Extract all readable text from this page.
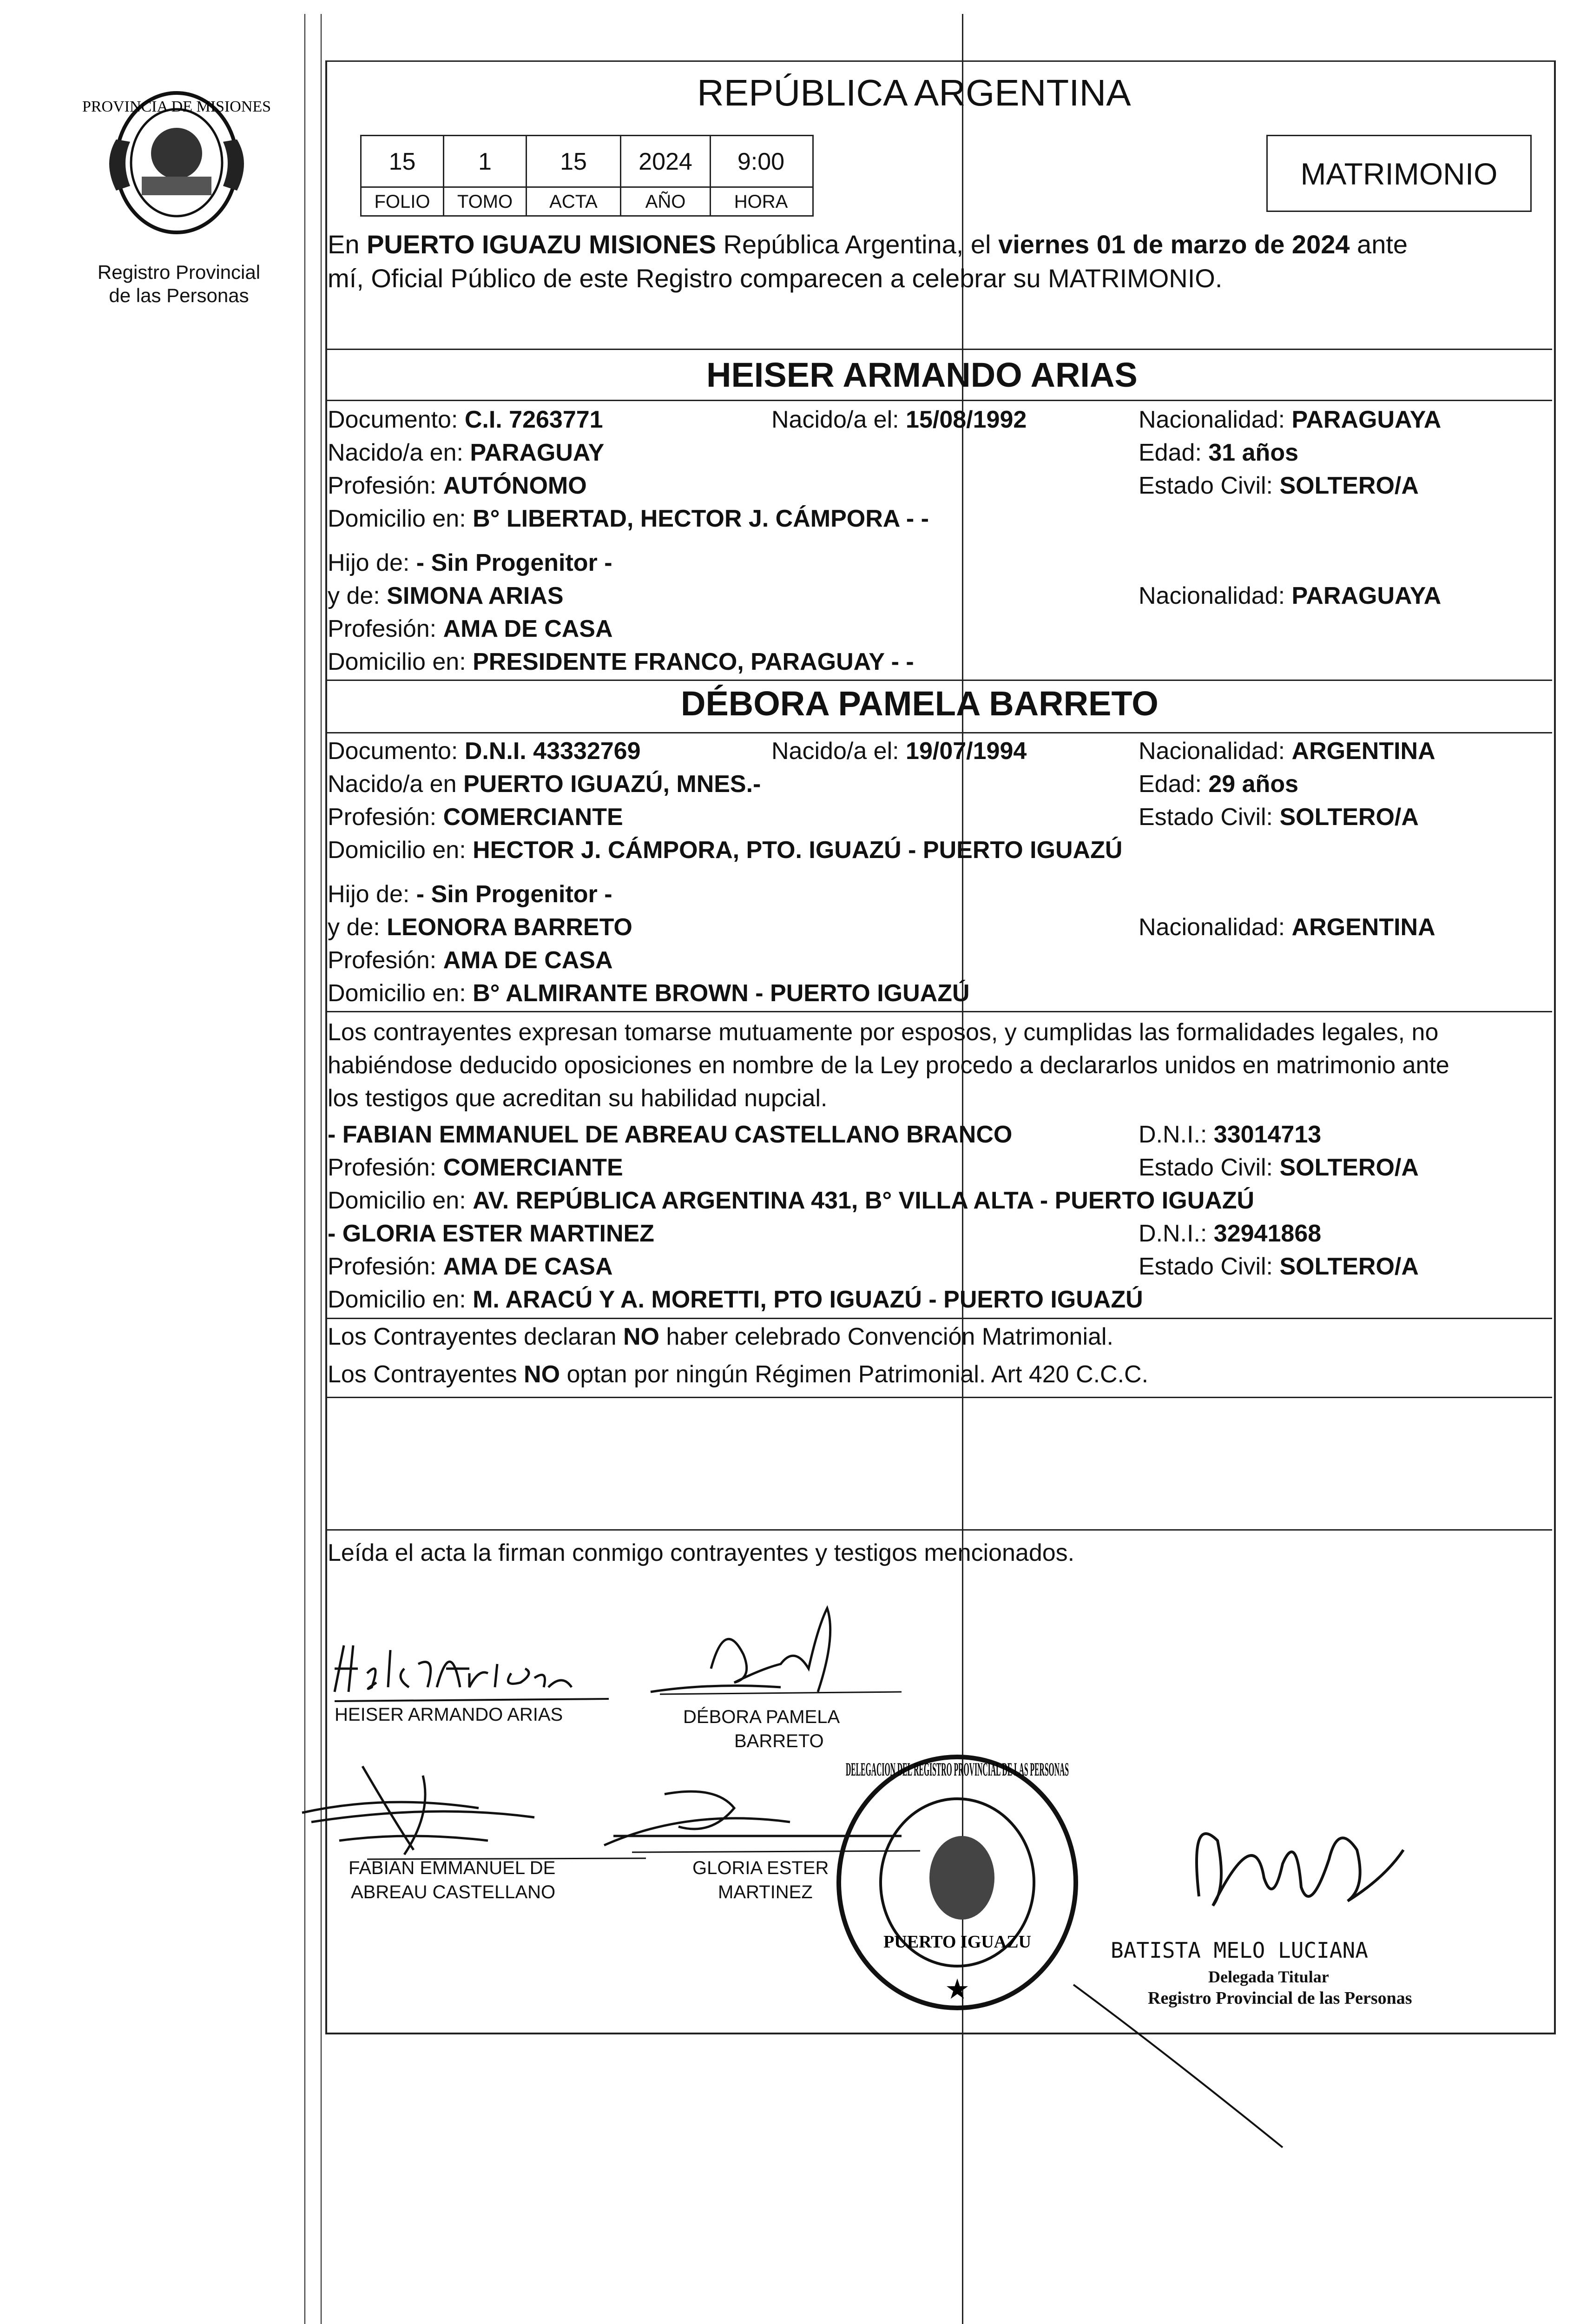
PROVINCIA DE MISIONES
Registro Provincial
de las Personas
REPÚBLICA ARGENTINA
15	1	15	2024	9:00
FOLIO	TOMO	ACTA	AÑO	HORA
MATRIMONIO
En PUERTO IGUAZU MISIONES República Argentina, el viernes 01 de marzo de 2024 ante
mí, Oficial Público de este Registro comparecen a celebrar su MATRIMONIO.
HEISER ARMANDO ARIAS
Documento: C.I. 7263771	Nacido/a el: 15/08/1992	Nacionalidad: PARAGUAYA
Nacido/a en: PARAGUAY	Edad: 31 años
Profesión: AUTÓNOMO	Estado Civil: SOLTERO/A
Domicilio en: B° LIBERTAD, HECTOR J. CÁMPORA - -
Hijo de: - Sin Progenitor -
y de: SIMONA ARIAS	Nacionalidad: PARAGUAYA
Profesión: AMA DE CASA
Domicilio en: PRESIDENTE FRANCO, PARAGUAY - -
DÉBORA PAMELA BARRETO
Documento: D.N.I. 43332769	Nacido/a el: 19/07/1994	Nacionalidad: ARGENTINA
Nacido/a en PUERTO IGUAZÚ, MNES.-	Edad: 29 años
Profesión: COMERCIANTE	Estado Civil: SOLTERO/A
Domicilio en: HECTOR J. CÁMPORA, PTO. IGUAZÚ - PUERTO IGUAZÚ
Hijo de: - Sin Progenitor -
y de: LEONORA BARRETO	Nacionalidad: ARGENTINA
Profesión: AMA DE CASA
Domicilio en: B° ALMIRANTE BROWN - PUERTO IGUAZÚ
Los contrayentes expresan tomarse mutuamente por esposos, y cumplidas las formalidades legales, no
habiéndose deducido oposiciones en nombre de la Ley procedo a declararlos unidos en matrimonio ante
los testigos que acreditan su habilidad nupcial.
- FABIAN EMMANUEL DE ABREAU CASTELLANO BRANCO	D.N.I.: 33014713
Profesión: COMERCIANTE	Estado Civil: SOLTERO/A
Domicilio en: AV. REPÚBLICA ARGENTINA 431, B° VILLA ALTA - PUERTO IGUAZÚ
- GLORIA ESTER MARTINEZ	D.N.I.: 32941868
Profesión: AMA DE CASA	Estado Civil: SOLTERO/A
Domicilio en: M. ARACÚ Y A. MORETTI, PTO IGUAZÚ - PUERTO IGUAZÚ
Los Contrayentes declaran NO haber celebrado Convención Matrimonial.
Los Contrayentes NO optan por ningún Régimen Patrimonial. Art 420 C.C.C.
Leída el acta la firman conmigo contrayentes y testigos mencionados.
HEISER ARMANDO ARIAS	DÉBORA PAMELA
BARRETO
FABIAN EMMANUEL DE
ABREAU CASTELLANO
GLORIA ESTER
MARTINEZ
DELEGACION DEL REGISTRO PROVINCIAL DE LAS PERSONAS
PUERTO IGUAZU
★
BATISTA MELO LUCIANA
Delegada Titular
Registro Provincial de las Personas
